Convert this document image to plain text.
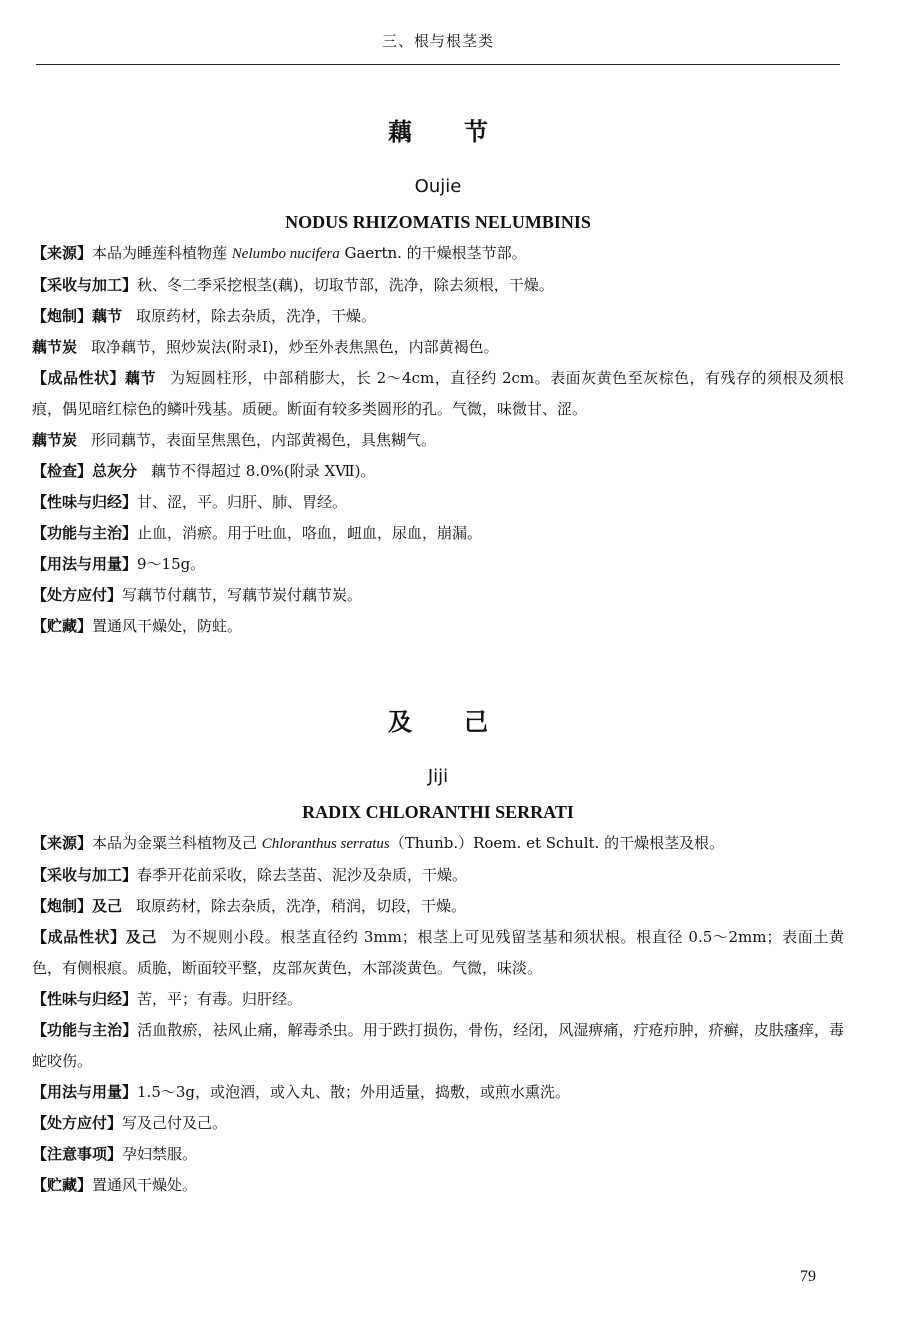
三、根与根茎类
藕节
Oujie
NODUS RHIZOMATIS NELUMBINIS

【来源】本品为睡莲科植物莲 Nelumbo nucifera Gaertn. 的干燥根茎节部。

【采收与加工】秋、冬二季采挖根茎(藕)，切取节部，洗净，除去须根，干燥。

【炮制】藕节 取原药材，除去杂质，洗净，干燥。

藕节炭 取净藕节，照炒炭法(附录Ⅰ)，炒至外表焦黑色，内部黄褐色。

【成品性状】藕节 为短圆柱形，中部稍膨大，长 2～4cm，直径约 2cm。表面灰黄色至灰棕色，有残存的须根及须根痕，偶见暗红棕色的鳞叶残基。质硬。断面有较多类圆形的孔。气微，味微甘、涩。

藕节炭 形同藕节，表面呈焦黑色，内部黄褐色，具焦糊气。

【检查】总灰分 藕节不得超过 8.0%(附录 XⅦ)。

【性味与归经】甘、涩，平。归肝、肺、胃经。

【功能与主治】止血，消瘀。用于吐血，咯血，衄血，尿血，崩漏。

【用法与用量】9～15g。

【处方应付】写藕节付藕节，写藕节炭付藕节炭。

【贮藏】置通风干燥处，防蛀。

及己
Jiji
RADIX CHLORANTHI SERRATI

【来源】本品为金粟兰科植物及己 Chloranthus serratus（Thunb.）Roem. et Schult. 的干燥根茎及根。

【采收与加工】春季开花前采收，除去茎苗、泥沙及杂质，干燥。

【炮制】及己 取原药材，除去杂质，洗净，稍润，切段，干燥。

【成品性状】及己 为不规则小段。根茎直径约 3mm；根茎上可见残留茎基和须状根。根直径 0.5～2mm；表面土黄色，有侧根痕。质脆，断面较平整，皮部灰黄色，木部淡黄色。气微，味淡。

【性味与归经】苦，平；有毒。归肝经。

【功能与主治】活血散瘀，祛风止痛，解毒杀虫。用于跌打损伤，骨伤，经闭，风湿痹痛，疔疮疖肿，疥癣，皮肤瘙痒，毒蛇咬伤。

【用法与用量】1.5～3g，或泡酒，或入丸、散；外用适量，捣敷，或煎水熏洗。

【处方应付】写及己付及己。

【注意事项】孕妇禁服。

【贮藏】置通风干燥处。

79
